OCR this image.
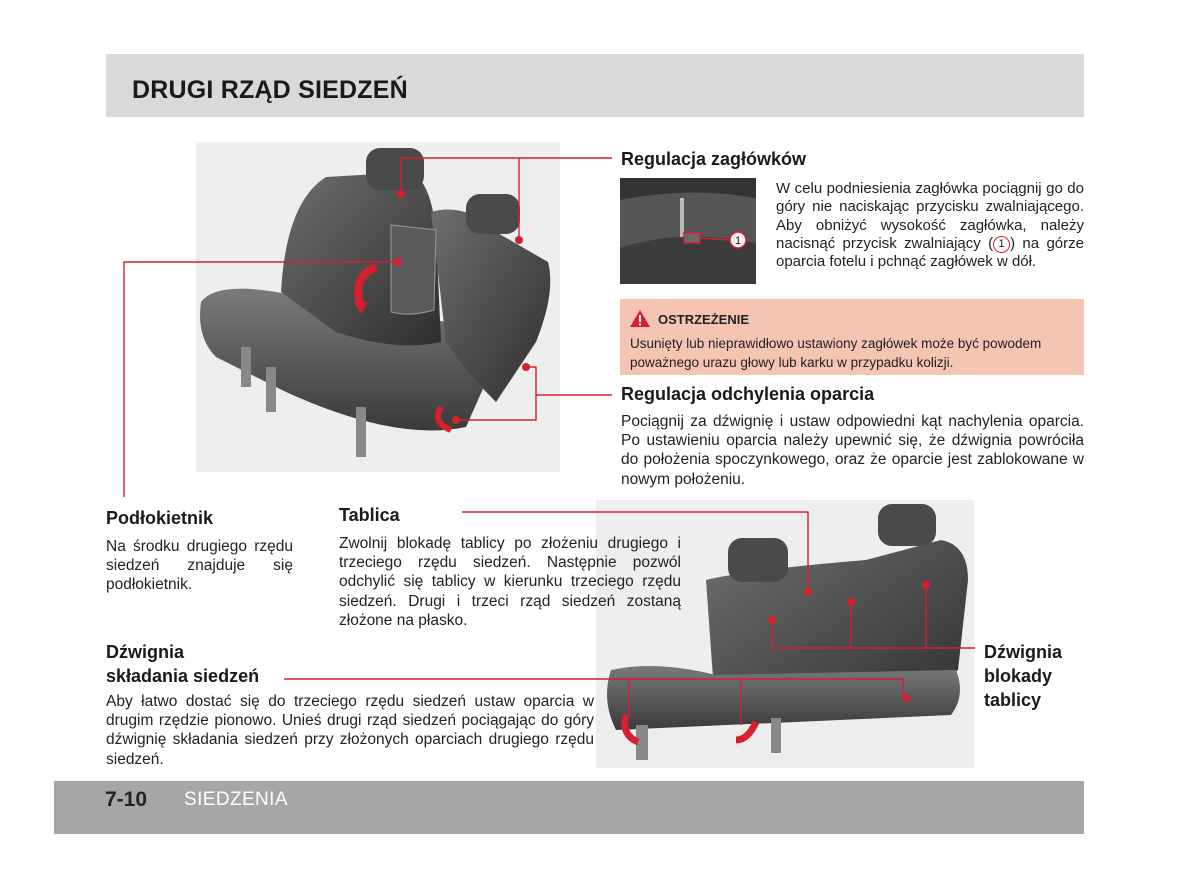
DRUGI RZĄD SIEDZEŃ
7-10 SIEDZENIA
1
Regulacja zagłówków

W celu podniesienia zagłówka pociągnij go do góry nie naciskając przycisku zwalniającego. Aby obniżyć wysokość zagłówka, należy nacisnąć przycisk zwalniający ( 1 ) na górze oparcia fotelu i pchnąć zagłówek w dół.

OSTRZEŻENIE
Usunięty lub nieprawidłowo ustawiony zagłówek może być powodem poważnego urazu głowy lub karku w przypadku kolizji.
Regulacja odchylenia oparcia

Pociągnij za dźwignię i ustaw odpowiedni kąt nachylenia oparcia. Po ustawieniu oparcia należy upewnić się, że dźwignia powróciła do położenia spoczynkowego, oraz że oparcie jest zablokowane w nowym położeniu.

Podłokietnik

Na środku drugiego rzędu siedzeń znajduje się podłokietnik.

Tablica

Zwolnij blokadę tablicy po złożeniu drugiego i trzeciego rzędu siedzeń. Następnie pozwól odchylić się tablicy w kierunku trzeciego rzędu siedzeń. Drugi i trzeci rząd siedzeń zostaną złożone na płasko.

Dźwignia
składania siedzeń

Aby łatwo dostać się do trzeciego rzędu siedzeń ustaw oparcia w drugim rzędzie pionowo. Unieś drugi rząd siedzeń pociągając do góry dźwignię składania siedzeń przy złożonych oparciach drugiego rzędu siedzeń.

Dźwignia
blokady
tablicy
